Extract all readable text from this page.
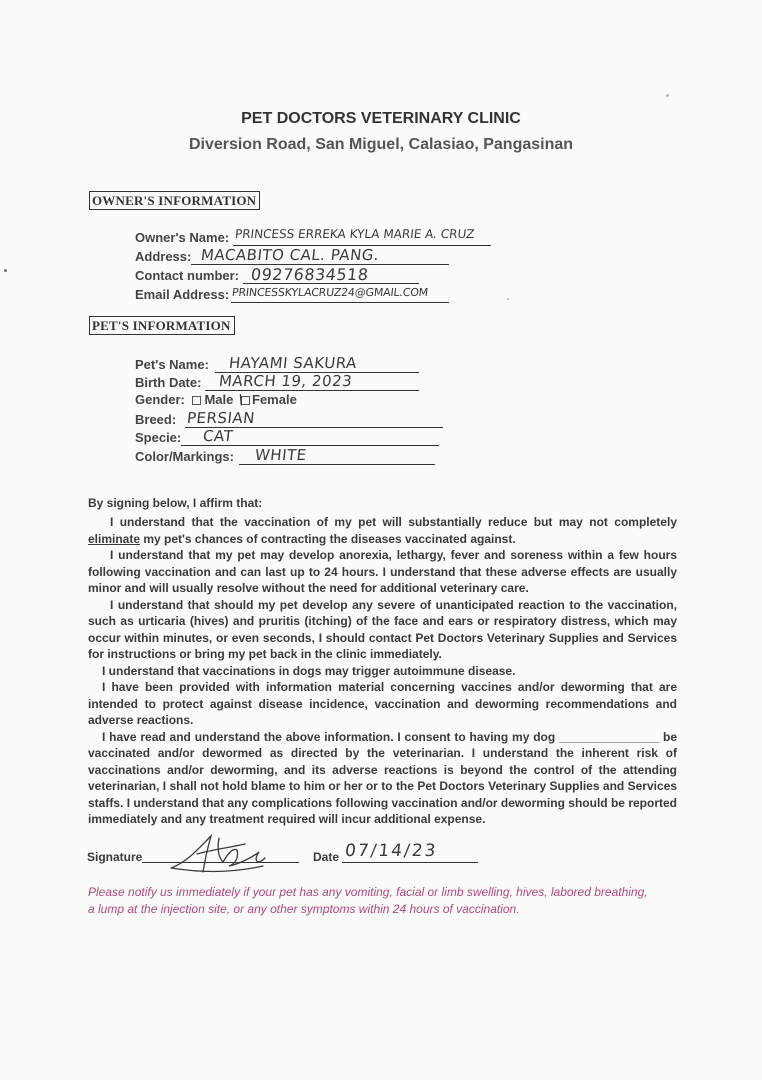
PET DOCTORS VETERINARY CLINIC
Diversion Road, San Miguel, Calasiao, Pangasinan
OWNER'S INFORMATION
Owner's Name: PRINCESS ERREKA KYLA MARIE A. CRUZ
Address: MACABITO CAL. PANG.
Contact number: 09276834518
Email Address: PRINCESSKYLACRUZ24@GMAIL.COM
PET'S INFORMATION
Pet's Name: HAYAMI SAKURA
Birth Date: MARCH 19, 2023
Gender: Male / Female
Breed: PERSIAN
Specie: CAT
Color/Markings: WHITE
By signing below, I affirm that:

I understand that the vaccination of my pet will substantially reduce but may not completely eliminate my pet's chances of contracting the diseases vaccinated against.

I understand that my pet may develop anorexia, lethargy, fever and soreness within a few hours following vaccination and can last up to 24 hours. I understand that these adverse effects are usually minor and will usually resolve without the need for additional veterinary care.

I understand that should my pet develop any severe of unanticipated reaction to the vaccination, such as urticaria (hives) and pruritis (itching) of the face and ears or respiratory distress, which may occur within minutes, or even seconds, I should contact Pet Doctors Veterinary Supplies and Services for instructions or bring my pet back in the clinic immediately.

I understand that vaccinations in dogs may trigger autoimmune disease.

I have been provided with information material concerning vaccines and/or deworming that are intended to protect against disease incidence, vaccination and deworming recommendations and adverse reactions.

I have read and understand the above information. I consent to having my dog _______________ be vaccinated and/or dewormed as directed by the veterinarian. I understand the inherent risk of vaccinations and/or deworming, and its adverse reactions is beyond the control of the attending veterinarian, I shall not hold blame to him or her or to the Pet Doctors Veterinary Supplies and Services staffs. I understand that any complications following vaccination and/or deworming should be reported immediately and any treatment required will incur additional expense.

Signature	Date 07/14/23
Please notify us immediately if your pet has any vomiting, facial or limb swelling, hives, labored breathing, a lump at the injection site, or any other symptoms within 24 hours of vaccination.
